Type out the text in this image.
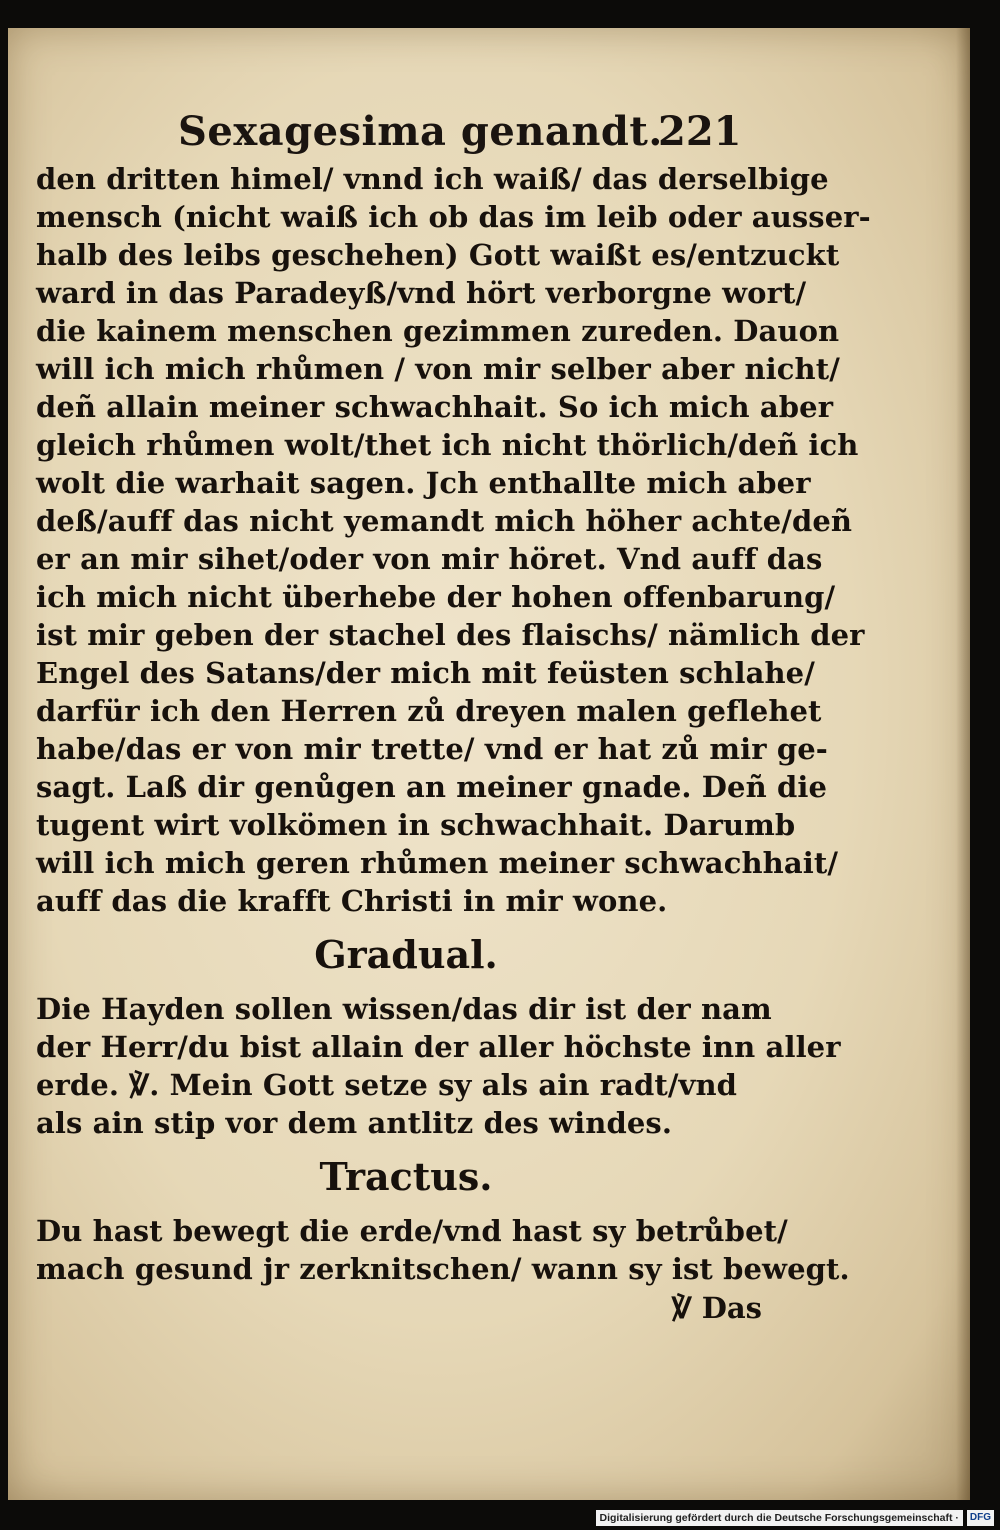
Sexagesima genandt.
221
den dritten himel/ vnnd ich waiß/ das derselbige
mensch (nicht waiß ich ob das im leib oder ausser-
halb des leibs geschehen) Gott waißt es/entzuckt
ward in das Paradeyß/vnd hört verborgne wort/
die kainem menschen gezimmen zureden. Dauon
will ich mich rhůmen / von mir selber aber nicht/
deñ allain meiner schwachhait. So ich mich aber
gleich rhůmen wolt/thet ich nicht thörlich/deñ ich
wolt die warhait sagen. Jch enthallte mich aber
deß/auff das nicht yemandt mich höher achte/deñ
er an mir sihet/oder von mir höret. Vnd auff das
ich mich nicht überhebe der hohen offenbarung/
ist mir geben der stachel des flaischs/ nämlich der
Engel des Satans/der mich mit feüsten schlahe/
darfür ich den Herren zů dreyen malen geflehet
habe/das er von mir trette/ vnd er hat zů mir ge-
sagt. Laß dir genůgen an meiner gnade. Deñ die
tugent wirt volkömen in schwachhait. Darumb
will ich mich geren rhůmen meiner schwachhait/
auff das die krafft Christi in mir wone.
Gradual.
Die Hayden sollen wissen/das dir ist der nam
der Herr/du bist allain der aller höchste inn aller
erde. ℣. Mein Gott setze sy als ain radt/vnd
als ain stip vor dem antlitz des windes.
Tractus.
Du hast bewegt die erde/vnd hast sy betrůbet/
mach gesund jr zerknitschen/ wann sy ist bewegt.
℣ Das
Digitalisierung gefördert durch die Deutsche Forschungsgemeinschaft ·	DFG
